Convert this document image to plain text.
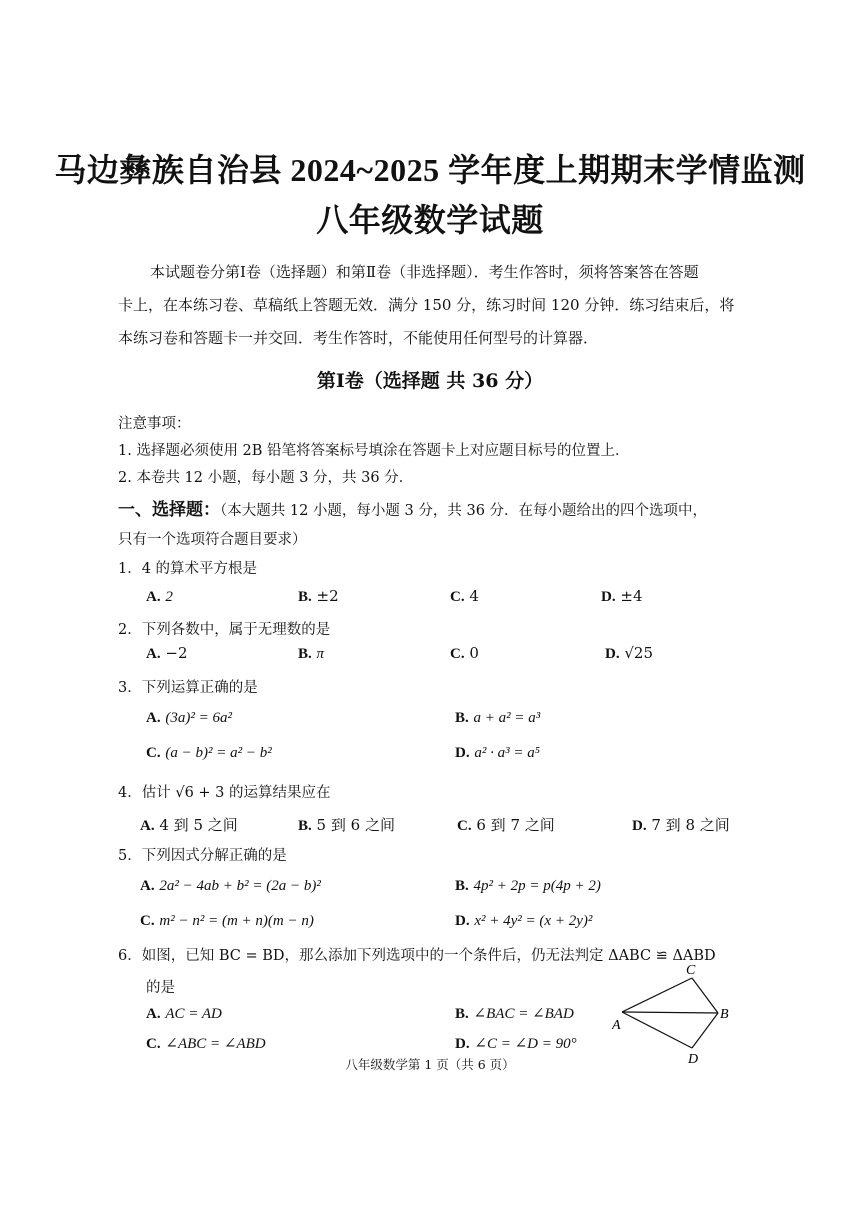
马边彝族自治县 2024~2025 学年度上期期末学情监测
八年级数学试题
本试题卷分第Ⅰ卷（选择题）和第Ⅱ卷（非选择题）．考生作答时，须将答案答在答题
卡上，在本练习卷、草稿纸上答题无效．满分 150 分，练习时间 120 分钟．练习结束后，将
本练习卷和答题卡一并交回．考生作答时，不能使用任何型号的计算器．
第Ⅰ卷（选择题 共 36 分）
注意事项：
1. 选择题必须使用 2B 铅笔将答案标号填涂在答题卡上对应题目标号的位置上．
2. 本卷共 12 小题，每小题 3 分，共 36 分．
一、选择题：（本大题共 12 小题，每小题 3 分，共 36 分．在每小题给出的四个选项中，
只有一个选项符合题目要求）
1．4 的算术平方根是
A. 2	B. ±2	C. 4	D. ±4
2．下列各数中，属于无理数的是
A. −2	B. π	C. 0	D. √25
3．下列运算正确的是
A. (3a)² = 6a²	B. a + a² = a³
C. (a − b)² = a² − b²	D. a² · a³ = a⁵
4．估计 √6 + 3 的运算结果应在
A. 4 到 5 之间	B. 5 到 6 之间	C. 6 到 7 之间	D. 7 到 8 之间
5．下列因式分解正确的是
A. 2a² − 4ab + b² = (2a − b)²	B. 4p² + 2p = p(4p + 2)
C. m² − n² = (m + n)(m − n)	D. x² + 4y² = (x + 2y)²
6．如图，已知 BC = BD，那么添加下列选项中的一个条件后，仍无法判定 ΔABC ≌ ΔABD
的是
A. AC = AD	B. ∠BAC = ∠BAD
C. ∠ABC = ∠ABD	D. ∠C = ∠D = 90°
A
B
C
D
八年级数学第 1 页（共 6 页）
